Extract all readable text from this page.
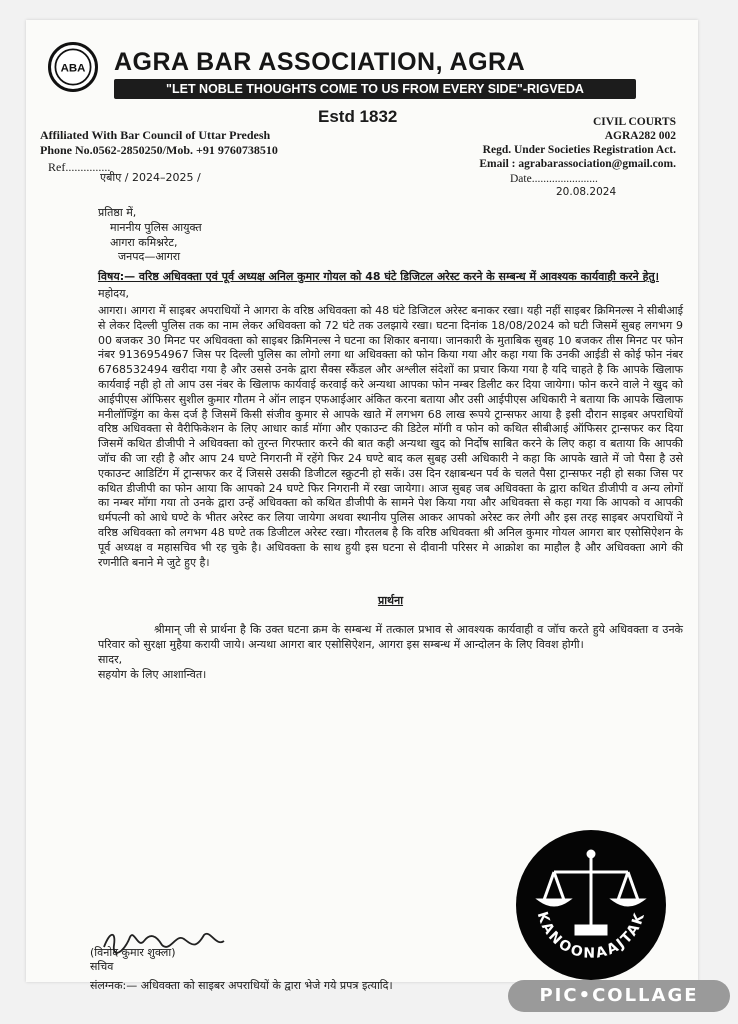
ABA AGRA BAR ASSOCIATION, AGRA
"LET NOBLE THOUGHTS COME TO US FROM EVERY SIDE"-RIGVEDA
Estd 1832
Affiliated With Bar Council of Uttar Predesh
Phone No.0562-2850250/Mob. +91 9760738510
CIVIL COURTS
AGRA282 002
Regd. Under Societies Registration Act.
Email : agrabarassociation@gmail.com.
Ref...............
एबीए / 2024–2025 /	Date.......................
20.08.2024

प्रतिष्ठा में,

माननीय पुलिस आयुक्त

आगरा कमिश्नरेट,

जनपद—आगरा

विषय:— वरिष्ठ अधिवक्ता एवं पूर्व अध्यक्ष अनिल कुमार गोयल को 48 घंटे डिजिटल अरेस्ट करने के सम्बन्ध में आवश्यक कार्यवाही करने हेतु।
महोदय,
आगरा। आगरा में साइबर अपराधियों ने आगरा के वरिष्ठ अधिवक्ता को 48 घंटे डिजिटल अरेस्ट बनाकर रखा। यही नहीं साइबर क्रिमिनल्स ने सीबीआई से लेकर दिल्ली पुलिस तक का नाम लेकर अधिवक्ता को 72 घंटे तक उलझाये रखा। घटना दिनांक 18/08/2024 को घटी जिसमें सुबह लगभग 9 00 बजकर 30 मिनट पर अधिवक्ता को साइबर क्रिमिनल्स ने घटना का शिकार बनाया। जानकारी के मुताबिक सुबह 10 बजकर तीस मिनट पर फोन नंबर 9136954967 जिस पर दिल्ली पुलिस का लोगो लगा था अधिवक्ता को फोन किया गया और कहा गया कि उनकी आईडी से कोई फोन नंबर 6768532494 खरीदा गया है और उससे उनके द्वारा सैक्स स्कैंडल और अश्लील संदेशों का प्रचार किया गया है यदि चाहते है कि आपके खिलाफ कार्यवाई नही हो तो आप उस नंबर के खिलाफ कार्यवाई करवाई करे अन्यथा आपका फोन नम्बर डिलीट कर दिया जायेगा। फोन करने वाले ने खुद को आईपीएस ऑफिसर सुशील कुमार गौतम ने ऑन लाइन एफआईआर अंकित करना बताया और उसी आईपीएस अधिकारी ने बताया कि आपके खिलाफ मनीलॉण्ड्रिंग का केस दर्ज है जिसमें किसी संजीव कुमार से आपके खाते में लगभग 68 लाख रूपये ट्रान्सफर आया है इसी दौरान साइबर अपराधियों वरिष्ठ अधिवक्ता से वैरीफिकेशन के लिए आधार कार्ड मॉगा और एकाउन्ट की डिटेल मॉगी व फोन को कथित सीबीआई ऑफिसर ट्रान्सफर कर दिया जिसमें कथित डीजीपी ने अधिवक्ता को तुरन्त गिरफ्तार करने की बात कही अन्यथा खुद को निर्दोष साबित करने के लिए कहा व बताया कि आपकी जॉच की जा रही है और आप 24 घण्टे निगरानी में रहेंगे फिर 24 घण्टे बाद कल सुबह उसी अधिकारी ने कहा कि आपके खाते में जो पैसा है उसे एकाउन्ट आडिटिंग में ट्रान्सफर कर दें जिससे उसकी डिजीटल स्क्रुटनी हो सकें। उस दिन रक्षाबन्धन पर्व के चलते पैसा ट्रान्सफर नही हो सका जिस पर कथित डीजीपी का फोन आया कि आपको 24 घण्टे फिर निगरानी में रखा जायेगा। आज सुबह जब अधिवक्ता के द्वारा कथित डीजीपी व अन्य लोगों का नम्बर मॉगा गया तो उनके द्वारा उन्हें अधिवक्ता को कथित डीजीपी के सामने पेश किया गया और अधिवक्ता से कहा गया कि आपको व आपकी धर्मपत्नी को आधे घण्टे के भीतर अरेस्ट कर लिया जायेगा अथवा स्थानीय पुलिस आकर आपको अरेस्ट कर लेगी और इस तरह साइबर अपराधियों ने वरिष्ठ अधिवक्ता को लगभग 48 घण्टे तक डिजीटल अरेस्ट रखा। गौरतलब है कि वरिष्ठ अधिवक्ता श्री अनिल कुमार गोयल आगरा बार एसोसिऐशन के पूर्व अध्यक्ष व महासचिव भी रह चुके है। अधिवक्ता के साथ हुयी इस घटना से दीवानी परिसर मे आक्रोश का माहौल है और अधिवक्ता आगे की रणनीति बनाने मे जुटे हुए है।
प्रार्थना
श्रीमान् जी से प्रार्थना है कि उक्त घटना क्रम के सम्बन्ध में तत्काल प्रभाव से आवश्यक कार्यवाही व जॉच करते हुये अधिवक्ता व उनके परिवार को सुरक्षा मुहैया करायी जाये। अन्यथा आगरा बार एसोसिऐशन, आगरा इस सम्बन्ध में आन्दोलन के लिए विवश होगी।

सादर,

सहयोग के लिए आशान्वित।

(विनोद कुमार शुक्ला)
सचिव
संलग्नक:— अधिवक्ता को साइबर अपराधियों के द्वारा भेजे गये प्रपत्र इत्यादि।
KANOONAAJTAK
PIC•COLLAGE
